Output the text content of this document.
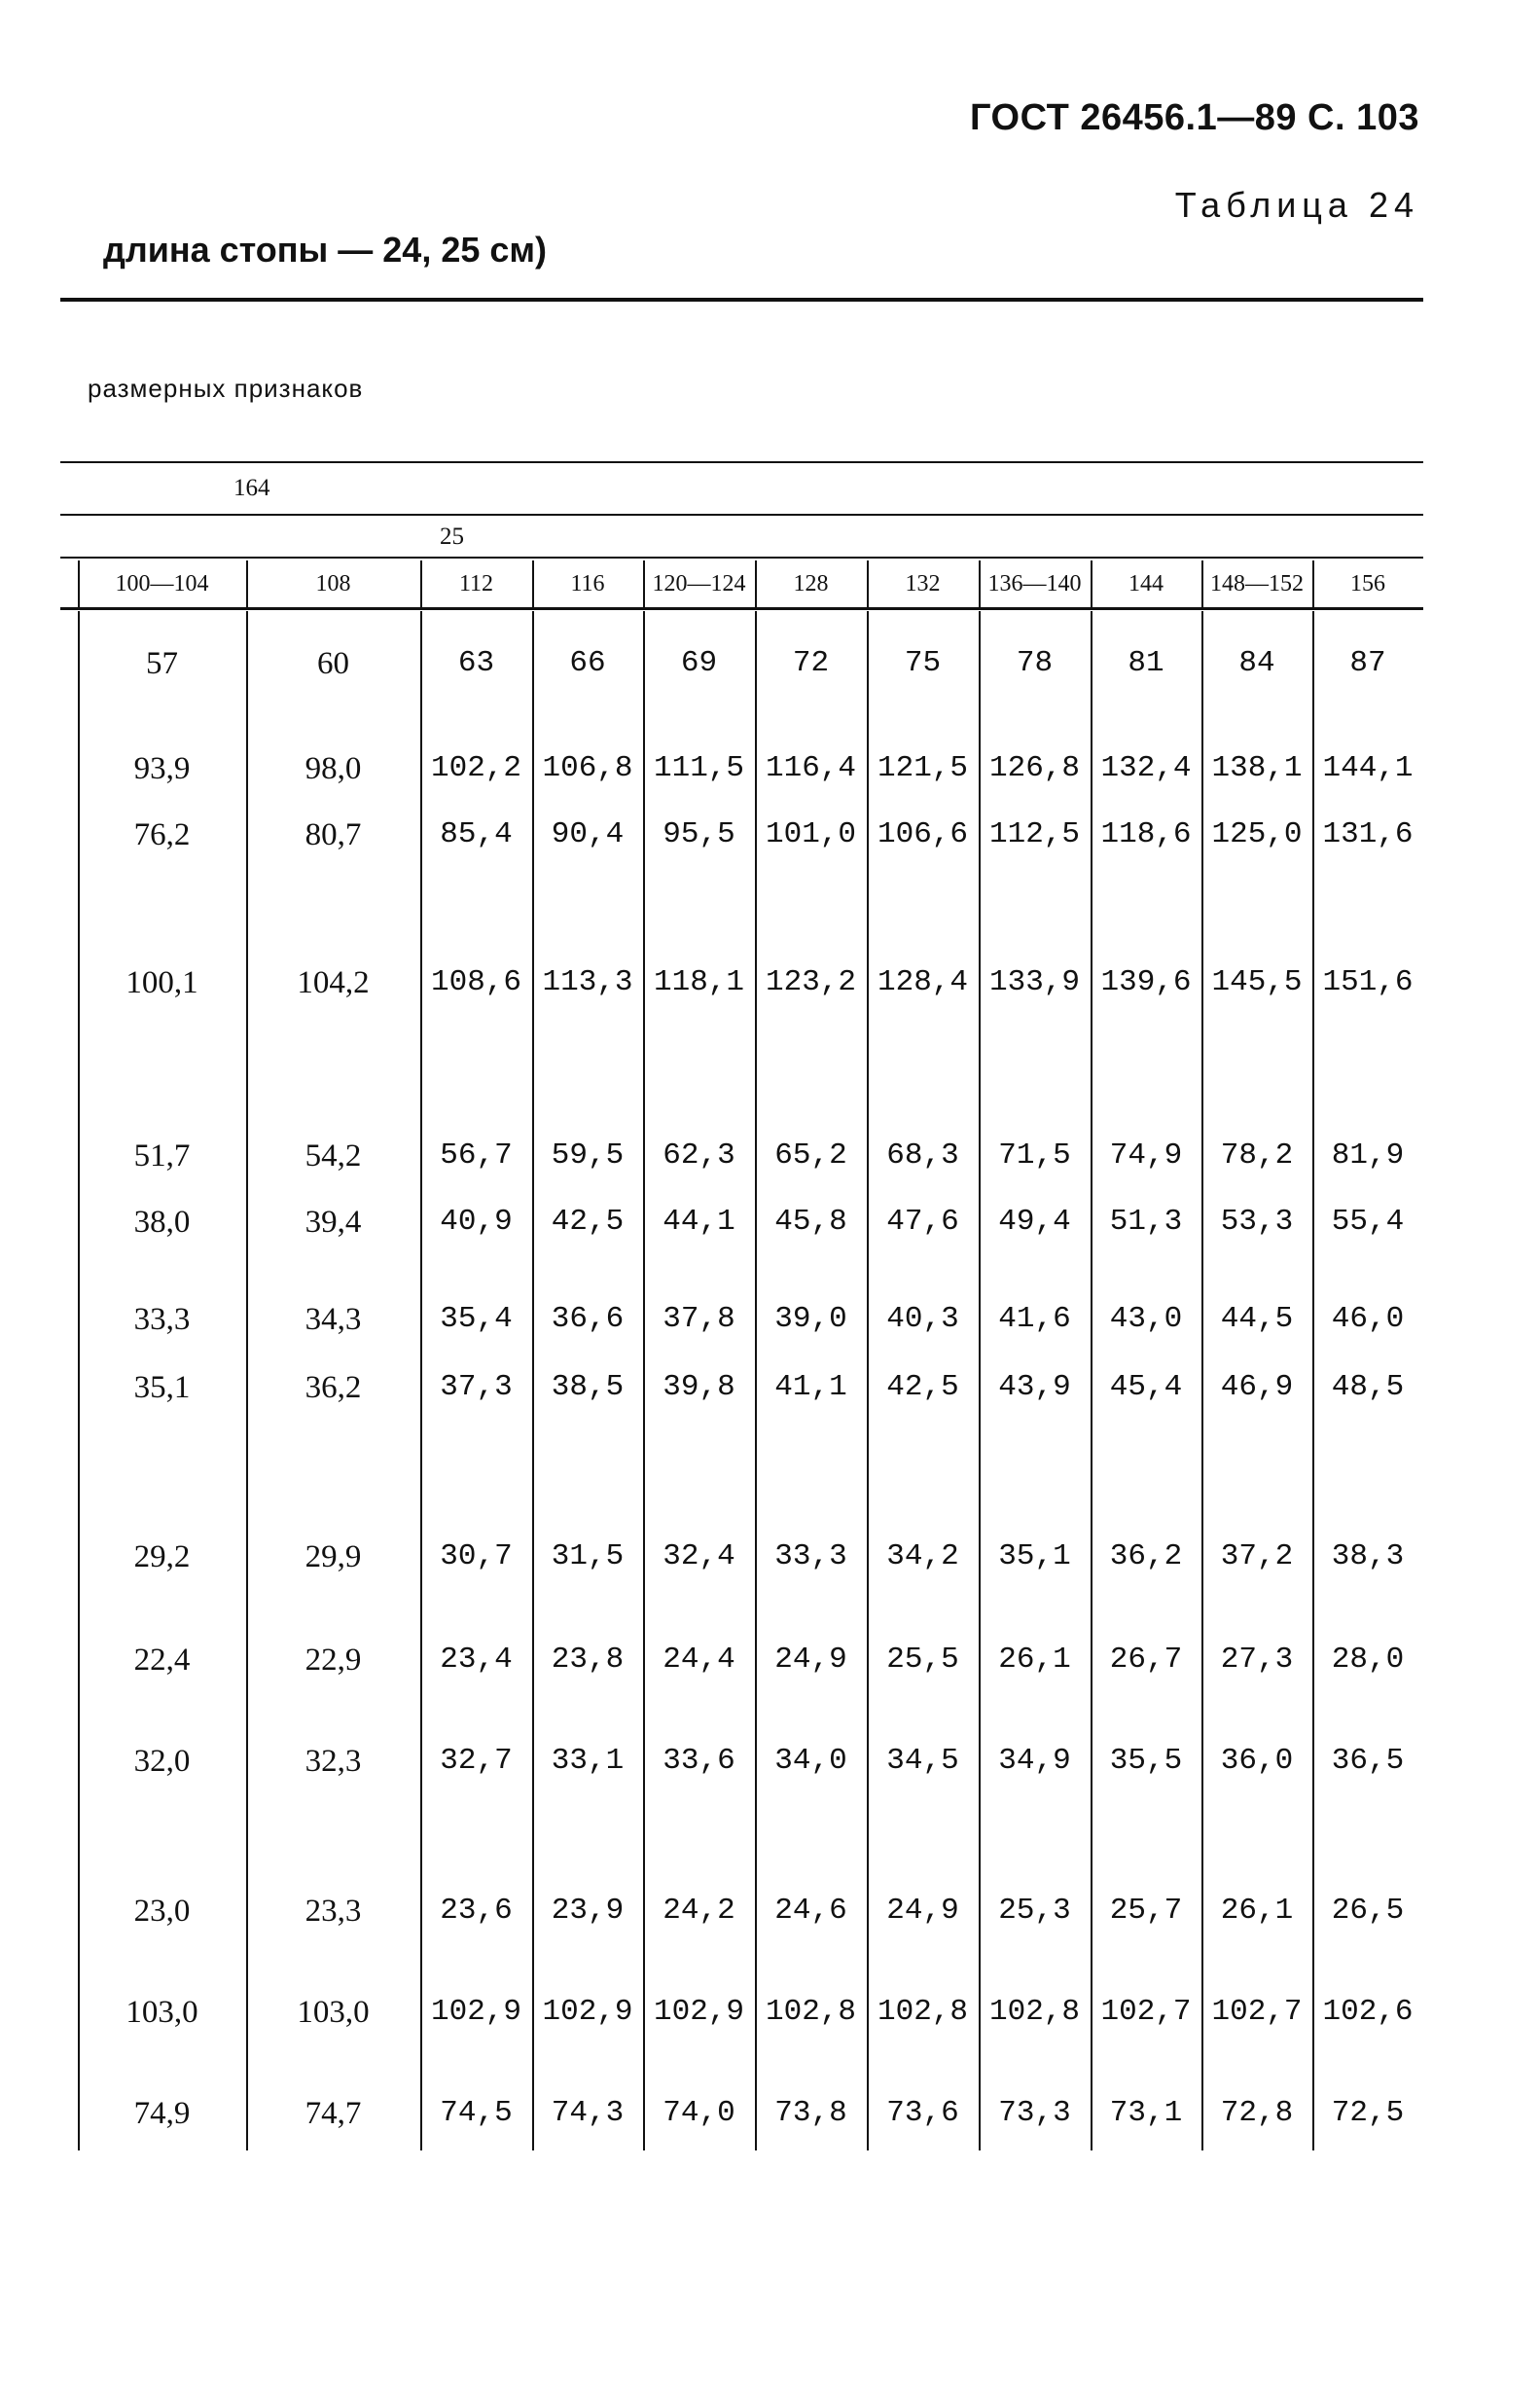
ГОСТ 26456.1—89 С. 103
Таблица 24
длина стопы — 24, 25 см)
размерных признаков
164
25
100—104	108	112	116	120—124	128	132	136—140	144	148—152	156
57	60	63	66	69	72	75	78	81	84	87
93,9	98,0	102,2 106,8 111,5 116,4 121,5 126,8 132,4 138,1 144,1
76,2	80,7	85,4	90,4	95,5	101,0 106,6 112,5 118,6 125,0 131,6
100,1	104,2	108,6 113,3 118,1 123,2 128,4 133,9 139,6 145,5 151,6
51,7	54,2	56,7	59,5	62,3	65,2	68,3	71,5	74,9	78,2	81,9
38,0	39,4	40,9	42,5	44,1	45,8	47,6	49,4	51,3	53,3	55,4
33,3	34,3	35,4	36,6	37,8	39,0	40,3	41,6	43,0	44,5	46,0
35,1	36,2	37,3	38,5	39,8	41,1	42,5	43,9	45,4	46,9	48,5
29,2	29,9	30,7	31,5	32,4	33,3	34,2	35,1	36,2	37,2	38,3
22,4	22,9	23,4	23,8	24,4	24,9	25,5	26,1	26,7	27,3	28,0
32,0	32,3	32,7	33,1	33,6	34,0	34,5	34,9	35,5	36,0	36,5
23,0	23,3	23,6	23,9	24,2	24,6	24,9	25,3	25,7	26,1	26,5
103,0	103,0	102,9 102,9 102,9 102,8 102,8 102,8 102,7 102,7 102,6
74,9	74,7	74,5	74,3	74,0	73,8	73,6	73,3	73,1	72,8	72,5
